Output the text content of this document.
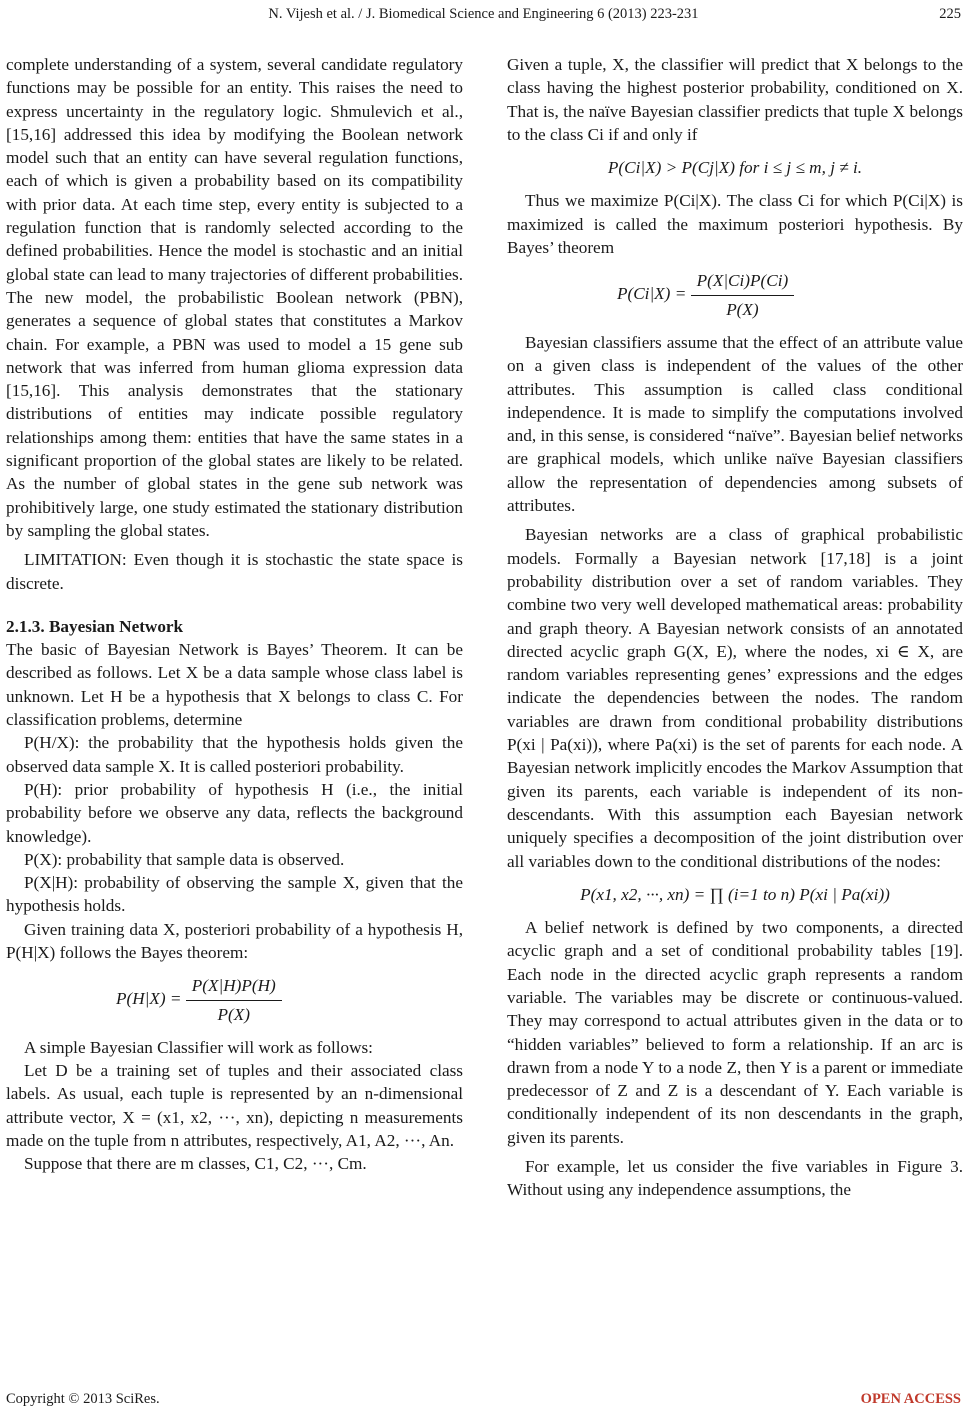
N. Vijesh et al. / J. Biomedical Science and Engineering 6 (2013) 223-231	225

complete understanding of a system, several candidate regulatory functions may be possible for an entity. This raises the need to express uncertainty in the regulatory logic. Shmulevich et al., [15,16] addressed this idea by modifying the Boolean network model such that an entity can have several regulation functions, each of which is given a probability based on its compatibility with prior data. At each time step, every entity is subjected to a regulation function that is randomly selected according to the defined probabilities. Hence the model is stochastic and an initial global state can lead to many trajectories of different probabilities. The new model, the probabilistic Boolean network (PBN), generates a sequence of global states that constitutes a Markov chain. For example, a PBN was used to model a 15 gene sub network that was inferred from human glioma expression data [15,16]. This analysis demonstrates that the stationary distributions of entities may indicate possible regulatory relationships among them: entities that have the same states in a significant proportion of the global states are likely to be related. As the number of global states in the gene sub network was prohibitively large, one study estimated the stationary distribution by sampling the global states.

LIMITATION: Even though it is stochastic the state space is discrete.

2.1.3. Bayesian Network

The basic of Bayesian Network is Bayes’ Theorem. It can be described as follows. Let X be a data sample whose class label is unknown. Let H be a hypothesis that X belongs to class C. For classification problems, determine

P(H/X): the probability that the hypothesis holds given the observed data sample X. It is called posteriori probability.

P(H): prior probability of hypothesis H (i.e., the initial probability before we observe any data, reflects the background knowledge).

P(X): probability that sample data is observed.

P(X|H): probability of observing the sample X, given that the hypothesis holds.

Given training data X, posteriori probability of a hypothesis H, P(H|X) follows the Bayes theorem:

$P(H|X) = \frac{P(X|H)P(H)}{P(X)}$

A simple Bayesian Classifier will work as follows:

Let D be a training set of tuples and their associated class labels. As usual, each tuple is represented by an n-dimensional attribute vector, X = (x1, x2, ···, xn), depicting n measurements made on the tuple from n attributes, respectively, A1, A2, ···, An.

Suppose that there are m classes, C1, C2, ···, Cm.

Given a tuple, X, the classifier will predict that X belongs to the class having the highest posterior probability, conditioned on X. That is, the naïve Bayesian classifier predicts that tuple X belongs to the class Ci if and only if

P(Ci|X) > P(Cj|X) for i ≤ j ≤ m, j ≠ i.

Thus we maximize P(Ci|X). The class Ci for which P(Ci|X) is maximized is called the maximum posteriori hypothesis. By Bayes’ theorem

$P(Ci|X) = \frac{P(X|Ci)P(Ci)}{P(X)}$

Bayesian classifiers assume that the effect of an attribute value on a given class is independent of the values of the other attributes. This assumption is called class conditional independence. It is made to simplify the computations involved and, in this sense, is considered “naïve”. Bayesian belief networks are graphical models, which unlike naïve Bayesian classifiers allow the representation of dependencies among subsets of attributes.

Bayesian networks are a class of graphical probabilistic models. Formally a Bayesian network [17,18] is a joint probability distribution over a set of random variables. They combine two very well developed mathematical areas: probability and graph theory. A Bayesian network consists of an annotated directed acyclic graph G(X, E), where the nodes, xi ∈ X, are random variables representing genes’ expressions and the edges indicate the dependencies between the nodes. The random variables are drawn from conditional probability distributions P(xi | Pa(xi)), where Pa(xi) is the set of parents for each node. A Bayesian network implicitly encodes the Markov Assumption that given its parents, each variable is independent of its non-descendants. With this assumption each Bayesian network uniquely specifies a decomposition of the joint distribution over all variables down to the conditional distributions of the nodes:

P(x1, x2, ···, xn) = ∏ (i=1 to n) P(xi | Pa(xi))

A belief network is defined by two components, a directed acyclic graph and a set of conditional probability tables [19]. Each node in the directed acyclic graph represents a random variable. The variables may be discrete or continuous-valued. They may correspond to actual attributes given in the data or to “hidden variables” believed to form a relationship. If an arc is drawn from a node Y to a node Z, then Y is a parent or immediate predecessor of Z and Z is a descendant of Y. Each variable is conditionally independent of its non descendants in the graph, given its parents.

For example, let us consider the five variables in Figure 3. Without using any independence assumptions, the

Copyright © 2013 SciRes.	OPEN ACCESS
